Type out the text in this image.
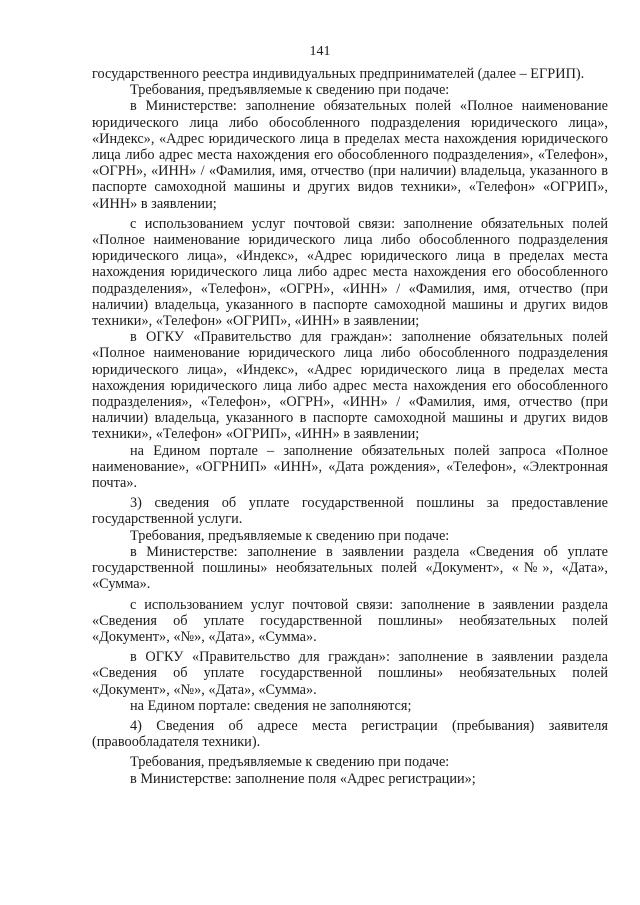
141

государственного реестра индивидуальных предпринимателей (далее – ЕГРИП).

Требования, предъявляемые к сведению при подаче:

в Министерстве: заполнение обязательных полей «Полное наименование юридического лица либо обособленного подразделения юридического лица», «Индекс», «Адрес юридического лица в пределах места нахождения юридического лица либо адрес места нахождения его обособленного подразделения», «Телефон», «ОГРН», «ИНН» / «Фамилия, имя, отчество (при наличии) владельца, указанного в паспорте самоходной машины и других видов техники», «Телефон» «ОГРИП», «ИНН» в заявлении;

с использованием услуг почтовой связи: заполнение обязательных полей «Полное наименование юридического лица либо обособленного подразделения юридического лица», «Индекс», «Адрес юридического лица в пределах места нахождения юридического лица либо адрес места нахождения его обособленного подразделения», «Телефон», «ОГРН», «ИНН» / «Фамилия, имя, отчество (при наличии) владельца, указанного в паспорте самоходной машины и других видов техники», «Телефон» «ОГРИП», «ИНН» в заявлении;

в ОГКУ «Правительство для граждан»: заполнение обязательных полей «Полное наименование юридического лица либо обособленного подразделения юридического лица», «Индекс», «Адрес юридического лица в пределах места нахождения юридического лица либо адрес места нахождения его обособленного подразделения», «Телефон», «ОГРН», «ИНН» / «Фамилия, имя, отчество (при наличии) владельца, указанного в паспорте самоходной машины и других видов техники», «Телефон» «ОГРИП», «ИНН» в заявлении;

на Едином портале – заполнение обязательных полей запроса «Полное наименование», «ОГРНИП» «ИНН», «Дата рождения», «Телефон», «Электронная почта».

3) сведения об уплате государственной пошлины за предоставление государственной услуги.

Требования, предъявляемые к сведению при подаче:

в Министерстве: заполнение в заявлении раздела «Сведения об уплате государственной пошлины» необязательных полей «Документ», «№», «Дата», «Сумма».

с использованием услуг почтовой связи: заполнение в заявлении раздела «Сведения об уплате государственной пошлины» необязательных полей «Документ», «№», «Дата», «Сумма».

в ОГКУ «Правительство для граждан»: заполнение в заявлении раздела «Сведения об уплате государственной пошлины» необязательных полей «Документ», «№», «Дата», «Сумма».

на Едином портале: сведения не заполняются;

4) Сведения об адресе места регистрации (пребывания) заявителя (правообладателя техники).

Требования, предъявляемые к сведению при подаче:

в Министерстве: заполнение поля «Адрес регистрации»;
